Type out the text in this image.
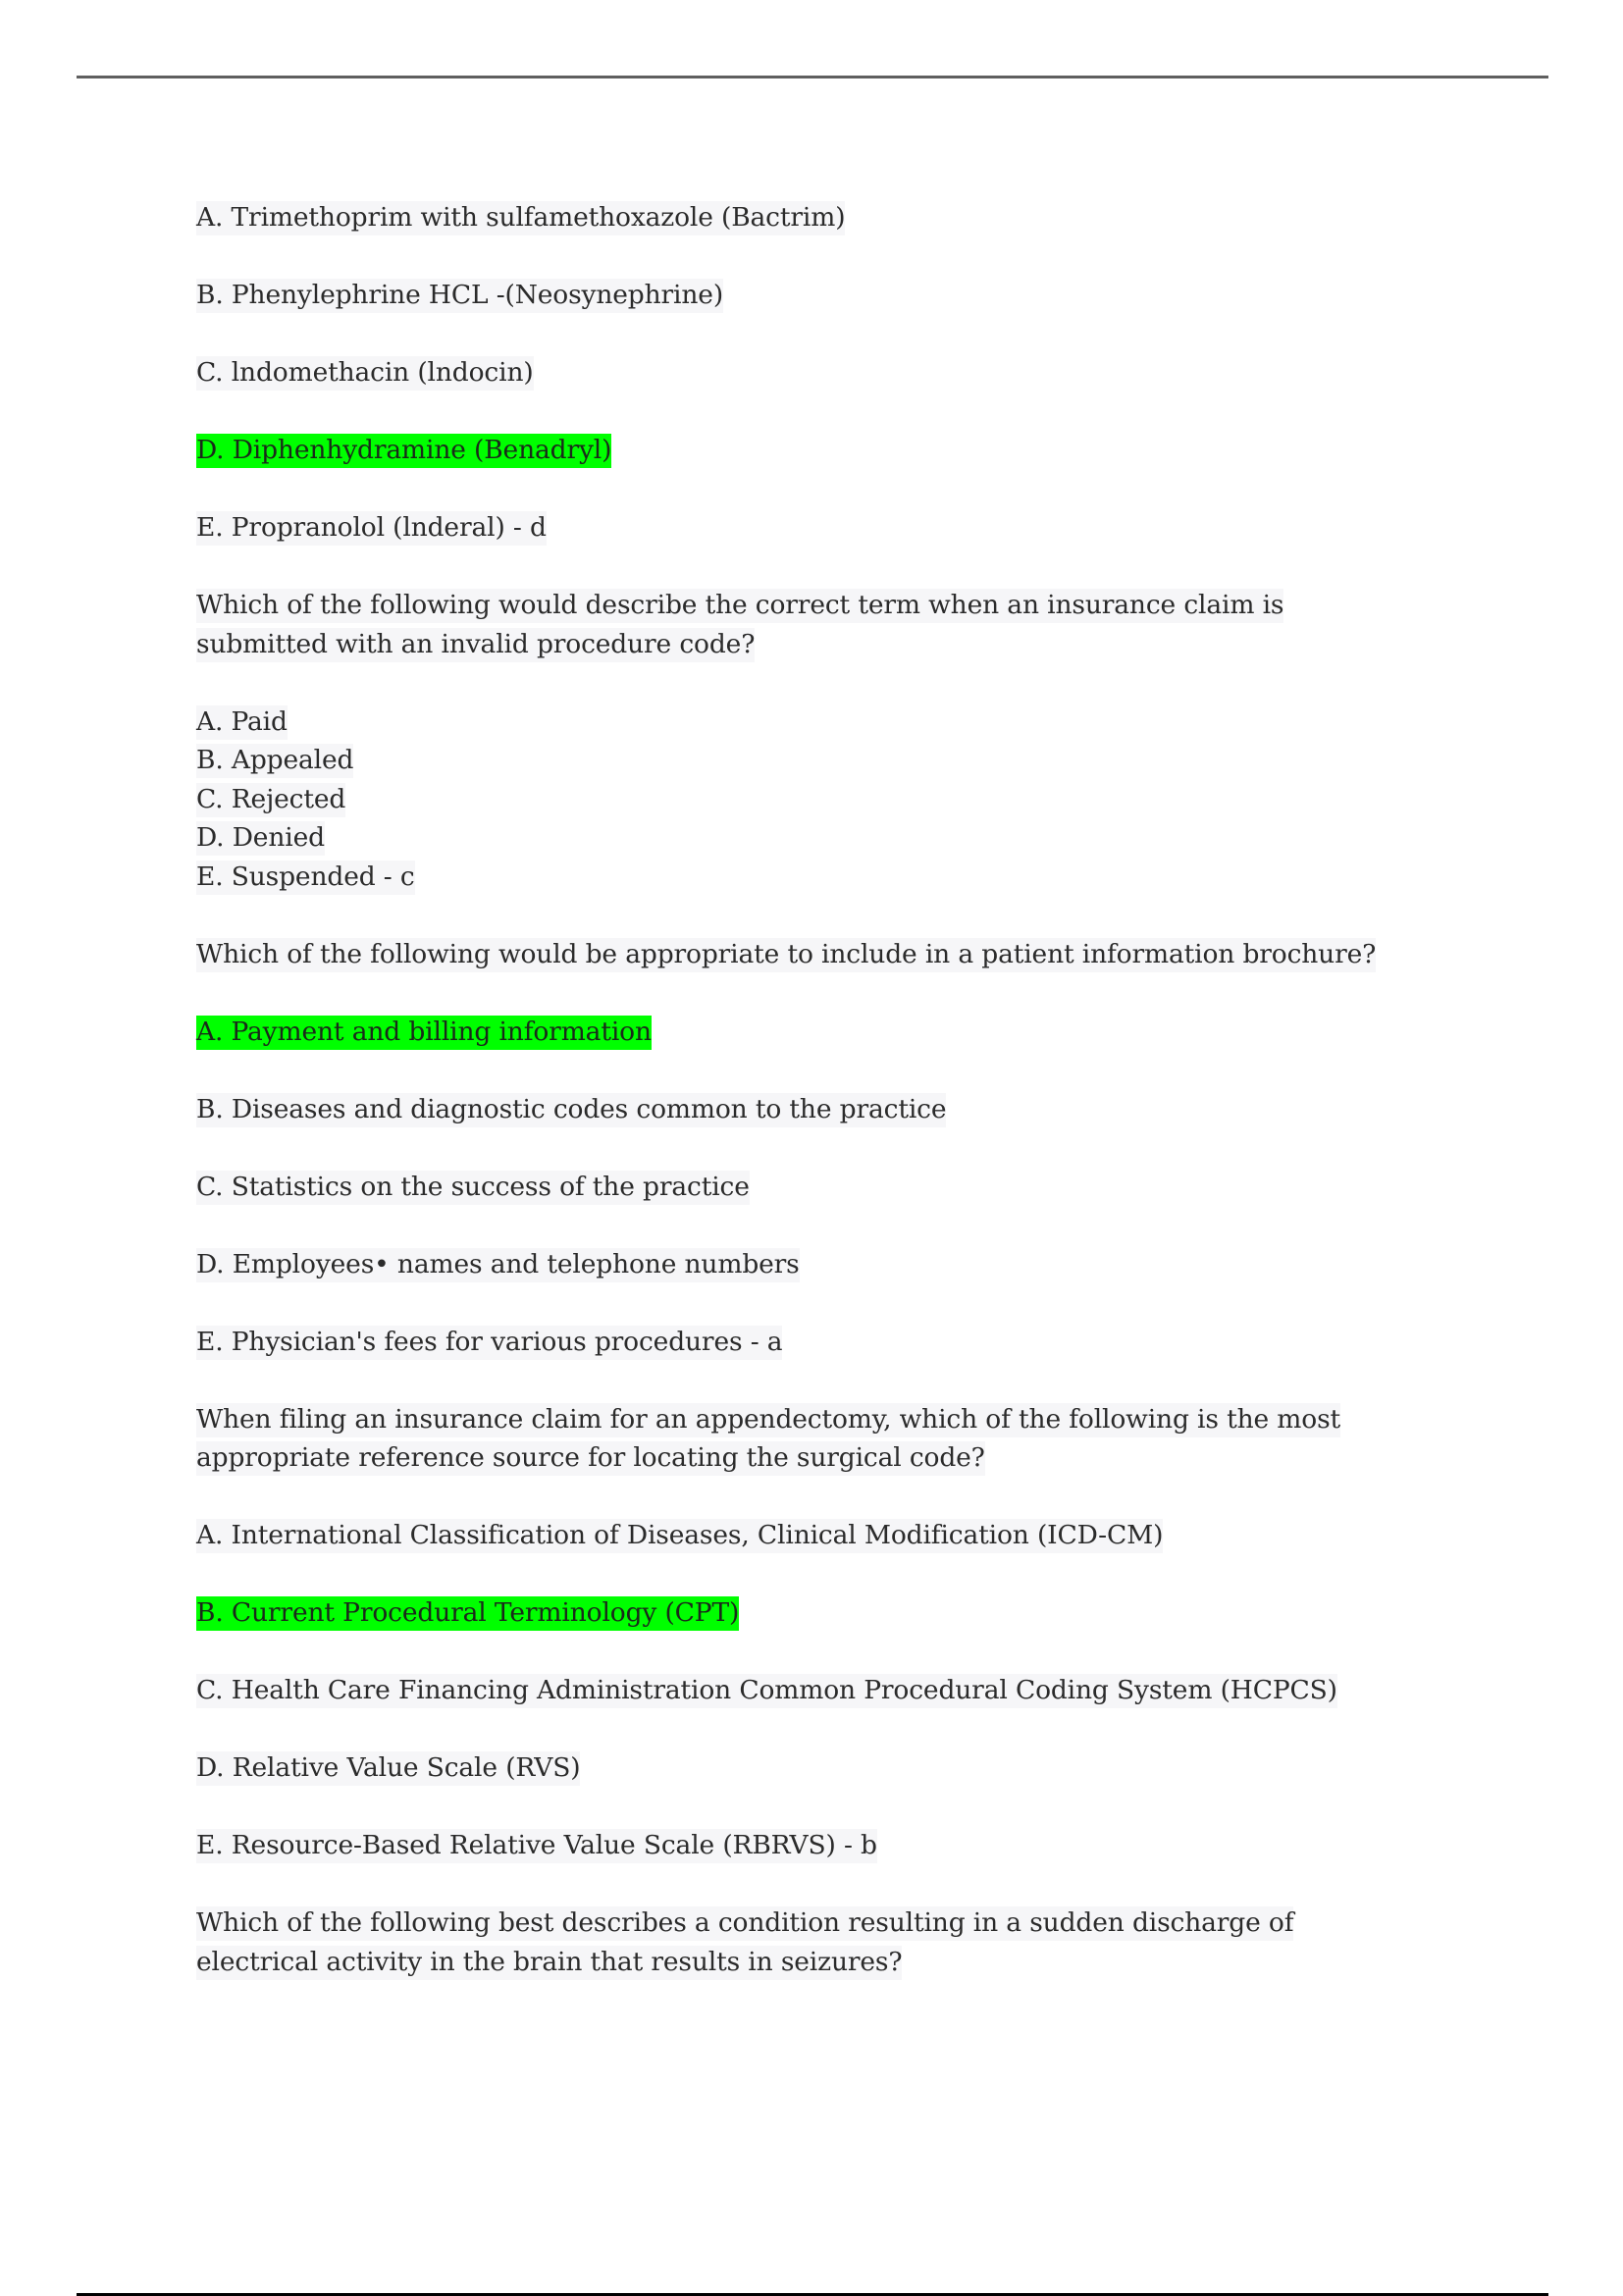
A. Trimethoprim with sulfamethoxazole (Bactrim)

B. Phenylephrine HCL -(Neosynephrine)

C. lndomethacin (lndocin)

D. Diphenhydramine (Benadryl)

E. Propranolol (lnderal) - d

Which of the following would describe the correct term when an insurance claim is
submitted with an invalid procedure code?

A. Paid
B. Appealed
C. Rejected
D. Denied
E. Suspended - c

Which of the following would be appropriate to include in a patient information brochure?

A. Payment and billing information

B. Diseases and diagnostic codes common to the practice

C. Statistics on the success of the practice

D. Employees• names and telephone numbers

E. Physician's fees for various procedures - a

When filing an insurance claim for an appendectomy, which of the following is the most
appropriate reference source for locating the surgical code?

A. International Classification of Diseases, Clinical Modification (ICD-CM)

B. Current Procedural Terminology (CPT)

C. Health Care Financing Administration Common Procedural Coding System (HCPCS)

D. Relative Value Scale (RVS)

E. Resource-Based Relative Value Scale (RBRVS) - b

Which of the following best describes a condition resulting in a sudden discharge of
electrical activity in the brain that results in seizures?
